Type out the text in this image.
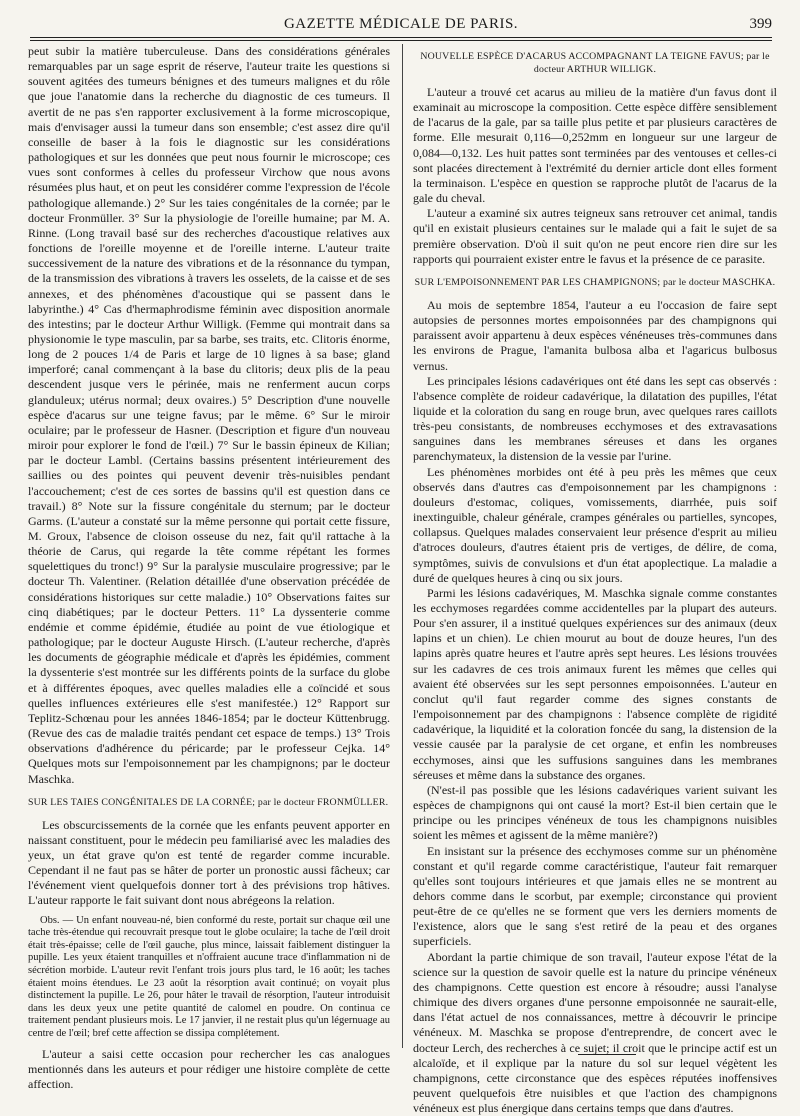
GAZETTE MÉDICALE DE PARIS.	399

peut subir la matière tuberculeuse. Dans des considérations générales remarquables par un sage esprit de réserve, l'auteur traite les questions si souvent agitées des tumeurs bénignes et des tumeurs malignes et du rôle que joue l'anatomie dans la recherche du diagnostic de ces tumeurs. Il avertit de ne pas s'en rapporter exclusivement à la forme microscopique, mais d'envisager aussi la tumeur dans son ensemble; c'est assez dire qu'il conseille de baser à la fois le diagnostic sur les considérations pathologiques et sur les données que peut nous fournir le microscope; ces vues sont conformes à celles du professeur Virchow que nous avons résumées plus haut, et on peut les considérer comme l'expression de l'école pathologique allemande.) 2° Sur les taies congénitales de la cornée; par le docteur Fronmüller. 3° Sur la physiologie de l'oreille humaine; par M. A. Rinne. (Long travail basé sur des recherches d'acoustique relatives aux fonctions de l'oreille moyenne et de l'oreille interne. L'auteur traite successivement de la nature des vibrations et de la résonnance du tympan, de la transmission des vibrations à travers les osselets, de la caisse et de ses annexes, et des phénomènes d'acoustique qui se passent dans le labyrinthe.) 4° Cas d'hermaphrodisme féminin avec disposition anormale des intestins; par le docteur Arthur Willigk. (Femme qui montrait dans sa physionomie le type masculin, par sa barbe, ses traits, etc. Clitoris énorme, long de 2 pouces 1/4 de Paris et large de 10 lignes à sa base; gland imperforé; canal commençant à la base du clitoris; deux plis de la peau descendent jusque vers le périnée, mais ne renferment aucun corps glanduleux; utérus normal; deux ovaires.) 5° Description d'une nouvelle espèce d'acarus sur une teigne favus; par le même. 6° Sur le miroir oculaire; par le professeur de Hasner. (Description et figure d'un nouveau miroir pour explorer le fond de l'œil.) 7° Sur le bassin épineux de Kilian; par le docteur Lambl. (Certains bassins présentent intérieurement des saillies ou des pointes qui peuvent devenir très-nuisibles pendant l'accouchement; c'est de ces sortes de bassins qu'il est question dans ce travail.) 8° Note sur la fissure congénitale du sternum; par le docteur Garms. (L'auteur a constaté sur la même personne qui portait cette fissure, M. Groux, l'absence de cloison osseuse du nez, fait qu'il rattache à la théorie de Carus, qui regarde la tête comme répétant les formes squelettiques du tronc!) 9° Sur la paralysie musculaire progressive; par le docteur Th. Valentiner. (Relation détaillée d'une observation précédée de considérations historiques sur cette maladie.) 10° Observations faites sur cinq diabétiques; par le docteur Petters. 11° La dyssenterie comme endémie et comme épidémie, étudiée au point de vue étiologique et pathologique; par le docteur Auguste Hirsch. (L'auteur recherche, d'après les documents de géographie médicale et d'après les épidémies, comment la dyssenterie s'est montrée sur les différents points de la surface du globe et à différentes époques, avec quelles maladies elle a coïncidé et sous quelles influences extérieures elle s'est manifestée.) 12° Rapport sur Teplitz-Schœnau pour les années 1846-1854; par le docteur Küttenbrugg. (Revue des cas de maladie traités pendant cet espace de temps.) 13° Trois observations d'adhérence du péricarde; par le professeur Cejka. 14° Quelques mots sur l'empoisonnement par les champignons; par le docteur Maschka.

SUR LES TAIES CONGÉNITALES DE LA CORNÉE; par le docteur FRONMÜLLER.

Les obscurcissements de la cornée que les enfants peuvent apporter en naissant constituent, pour le médecin peu familiarisé avec les maladies des yeux, un état grave qu'on est tenté de regarder comme incurable. Cependant il ne faut pas se hâter de porter un pronostic aussi fâcheux; car l'événement vient quelquefois donner tort à des prévisions trop hâtives. L'auteur rapporte le fait suivant dont nous abrégeons la relation.

Obs. — Un enfant nouveau-né, bien conformé du reste, portait sur chaque œil une tache très-étendue qui recouvrait presque tout le globe oculaire; la tache de l'œil droit était très-épaisse; celle de l'œil gauche, plus mince, laissait faiblement distinguer la pupille. Les yeux étaient tranquilles et n'offraient aucune trace d'inflammation ni de sécrétion morbide. L'auteur revit l'enfant trois jours plus tard, le 16 août; les taches étaient moins étendues. Le 23 août la résorption avait continué; on voyait plus distinctement la pupille. Le 26, pour hâter le travail de résorption, l'auteur introduisit dans les deux yeux une petite quantité de calomel en poudre. On continua ce traitement pendant plusieurs mois. Le 17 janvier, il ne restait plus qu'un légernuage au centre de l'œil; bref cette affection se dissipa complétement.

L'auteur a saisi cette occasion pour rechercher les cas analogues mentionnés dans les auteurs et pour rédiger une histoire complète de cette affection.

NOUVELLE ESPÈCE D'ACARUS ACCOMPAGNANT LA TEIGNE FAVUS; par le docteur ARTHUR WILLIGK.

L'auteur a trouvé cet acarus au milieu de la matière d'un favus dont il examinait au microscope la composition. Cette espèce diffère sensiblement de l'acarus de la gale, par sa taille plus petite et par plusieurs caractères de forme. Elle mesurait 0,116—0,252mm en longueur sur une largeur de 0,084—0,132. Les huit pattes sont terminées par des ventouses et celles-ci sont placées directement à l'extrémité du dernier article dont elles forment la terminaison. L'espèce en question se rapproche plutôt de l'acarus de la gale du cheval.

L'auteur a examiné six autres teigneux sans retrouver cet animal, tandis qu'il en existait plusieurs centaines sur le malade qui a fait le sujet de sa première observation. D'où il suit qu'on ne peut encore rien dire sur les rapports qui pourraient exister entre le favus et la présence de ce parasite.

SUR L'EMPOISONNEMENT PAR LES CHAMPIGNONS; par le docteur MASCHKA.

Au mois de septembre 1854, l'auteur a eu l'occasion de faire sept autopsies de personnes mortes empoisonnées par des champignons qui paraissent avoir appartenu à deux espèces vénéneuses très-communes dans les environs de Prague, l'amanita bulbosa alba et l'agaricus bulbosus vernus.

Les principales lésions cadavériques ont été dans les sept cas observés : l'absence complète de roideur cadavérique, la dilatation des pupilles, l'état liquide et la coloration du sang en rouge brun, avec quelques rares caillots très-peu consistants, de nombreuses ecchymoses et des extravasations sanguines dans les membranes séreuses et dans les organes parenchymateux, la distension de la vessie par l'urine.

Les phénomènes morbides ont été à peu près les mêmes que ceux observés dans d'autres cas d'empoisonnement par les champignons : douleurs d'estomac, coliques, vomissements, diarrhée, puis soif inextinguible, chaleur générale, crampes générales ou partielles, syncopes, collapsus. Quelques malades conservaient leur présence d'esprit au milieu d'atroces douleurs, d'autres étaient pris de vertiges, de délire, de coma, symptômes, suivis de convulsions et d'un état apoplectique. La maladie a duré de quelques heures à cinq ou six jours.

Parmi les lésions cadavériques, M. Maschka signale comme constantes les ecchymoses regardées comme accidentelles par la plupart des auteurs. Pour s'en assurer, il a institué quelques expériences sur des animaux (deux lapins et un chien). Le chien mourut au bout de douze heures, l'un des lapins après quatre heures et l'autre après sept heures. Les lésions trouvées sur les cadavres de ces trois animaux furent les mêmes que celles qui avaient été observées sur les sept personnes empoisonnées. L'auteur en conclut qu'il faut regarder comme des signes constants de l'empoisonnement par des champignons : l'absence complète de rigidité cadavérique, la liquidité et la coloration foncée du sang, la distension de la vessie causée par la paralysie de cet organe, et enfin les nombreuses ecchymoses, ainsi que les suffusions sanguines dans les membranes séreuses et même dans la substance des organes.

(N'est-il pas possible que les lésions cadavériques varient suivant les espèces de champignons qui ont causé la mort? Est-il bien certain que le principe ou les principes vénéneux de tous les champignons nuisibles soient les mêmes et agissent de la même manière?)

En insistant sur la présence des ecchymoses comme sur un phénomène constant et qu'il regarde comme caractéristique, l'auteur fait remarquer qu'elles sont toujours intérieures et que jamais elles ne se montrent au dehors comme dans le scorbut, par exemple; circonstance qui provient peut-être de ce qu'elles ne se forment que vers les derniers moments de l'existence, alors que le sang s'est retiré de la peau et des organes superficiels.

Abordant la partie chimique de son travail, l'auteur expose l'état de la science sur la question de savoir quelle est la nature du principe vénéneux des champignons. Cette question est encore à résoudre; aussi l'analyse chimique des divers organes d'une personne empoisonnée ne saurait-elle, dans l'état actuel de nos connaissances, mettre à découvrir le principe vénéneux. M. Maschka se propose d'entreprendre, de concert avec le docteur Lerch, des recherches à ce sujet; il croit que le principe actif est un alcaloïde, et il explique par la nature du sol sur lequel végètent les champignons, cette circonstance que des espèces réputées inoffensives peuvent quelquefois être nuisibles et que l'action des champignons vénéneux est plus énergique dans certains temps que dans d'autres.
